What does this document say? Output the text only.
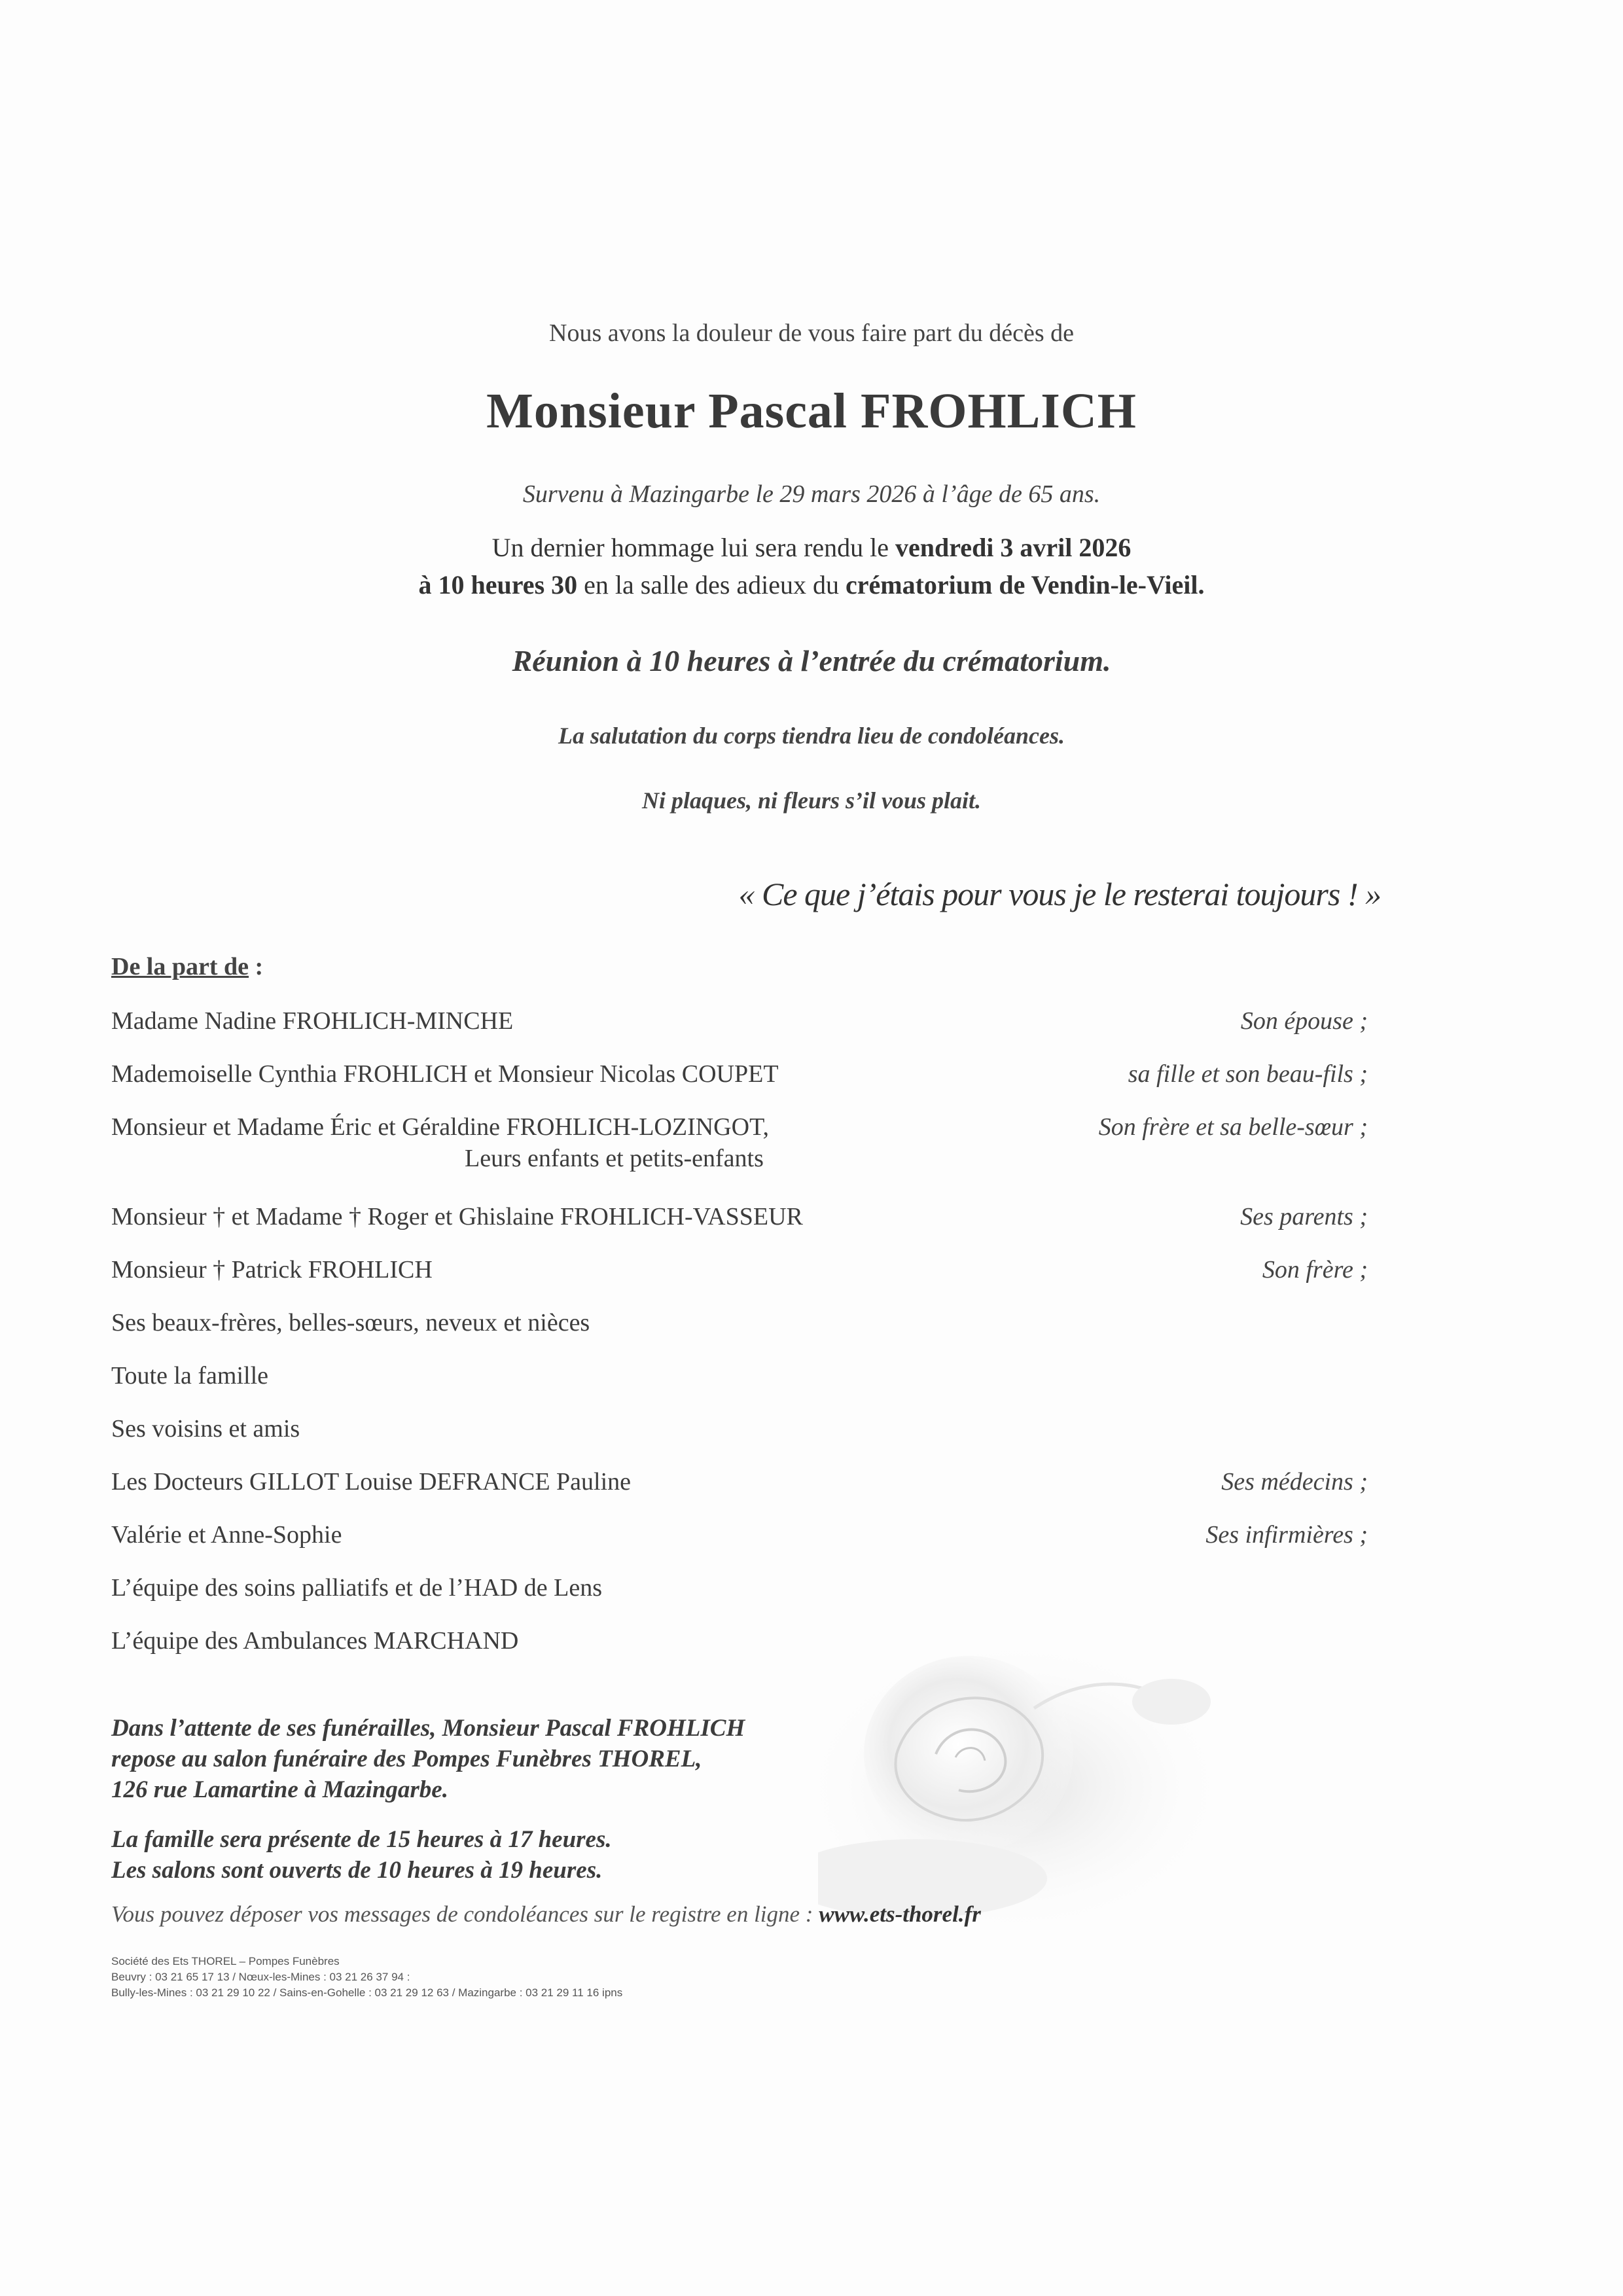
Nous avons la douleur de vous faire part du décès de
Monsieur Pascal FROHLICH
Survenu à Mazingarbe le 29 mars 2026 à l’âge de 65 ans.
Un dernier hommage lui sera rendu le vendredi 3 avril 2026
à 10 heures 30 en la salle des adieux du crématorium de Vendin-le-Vieil.
Réunion à 10 heures à l’entrée du crématorium.
La salutation du corps tiendra lieu de condoléances.
Ni plaques, ni fleurs s’il vous plait.
« Ce que j’étais pour vous je le resterai toujours ! »
De la part de :
Madame Nadine FROHLICH-MINCHE	Son épouse ;
Mademoiselle Cynthia FROHLICH et Monsieur Nicolas COUPET	sa fille et son beau-fils ;
Monsieur et Madame Éric et Géraldine FROHLICH-LOZINGOT,	Son frère et sa belle-sœur ;
Leurs enfants et petits-enfants
Monsieur † et Madame † Roger et Ghislaine FROHLICH-VASSEUR	Ses parents ;
Monsieur † Patrick FROHLICH	Son frère ;
Ses beaux-frères, belles-sœurs, neveux et nièces
Toute la famille
Ses voisins et amis
Les Docteurs GILLOT Louise DEFRANCE Pauline	Ses médecins ;
Valérie et Anne-Sophie	Ses infirmières ;
L’équipe des soins palliatifs et de l’HAD de Lens
L’équipe des Ambulances MARCHAND
Dans l’attente de ses funérailles, Monsieur Pascal FROHLICH
repose au salon funéraire des Pompes Funèbres THOREL,
126 rue Lamartine à Mazingarbe.
La famille sera présente de 15 heures à 17 heures.
Les salons sont ouverts de 10 heures à 19 heures.
Vous pouvez déposer vos messages de condoléances sur le registre en ligne : www.ets-thorel.fr
Société des Ets THOREL – Pompes Funèbres
Beuvry : 03 21 65 17 13 / Nœux-les-Mines : 03 21 26 37 94 :
Bully-les-Mines : 03 21 29 10 22 / Sains-en-Gohelle : 03 21 29 12 63 / Mazingarbe : 03 21 29 11 16 ipns
